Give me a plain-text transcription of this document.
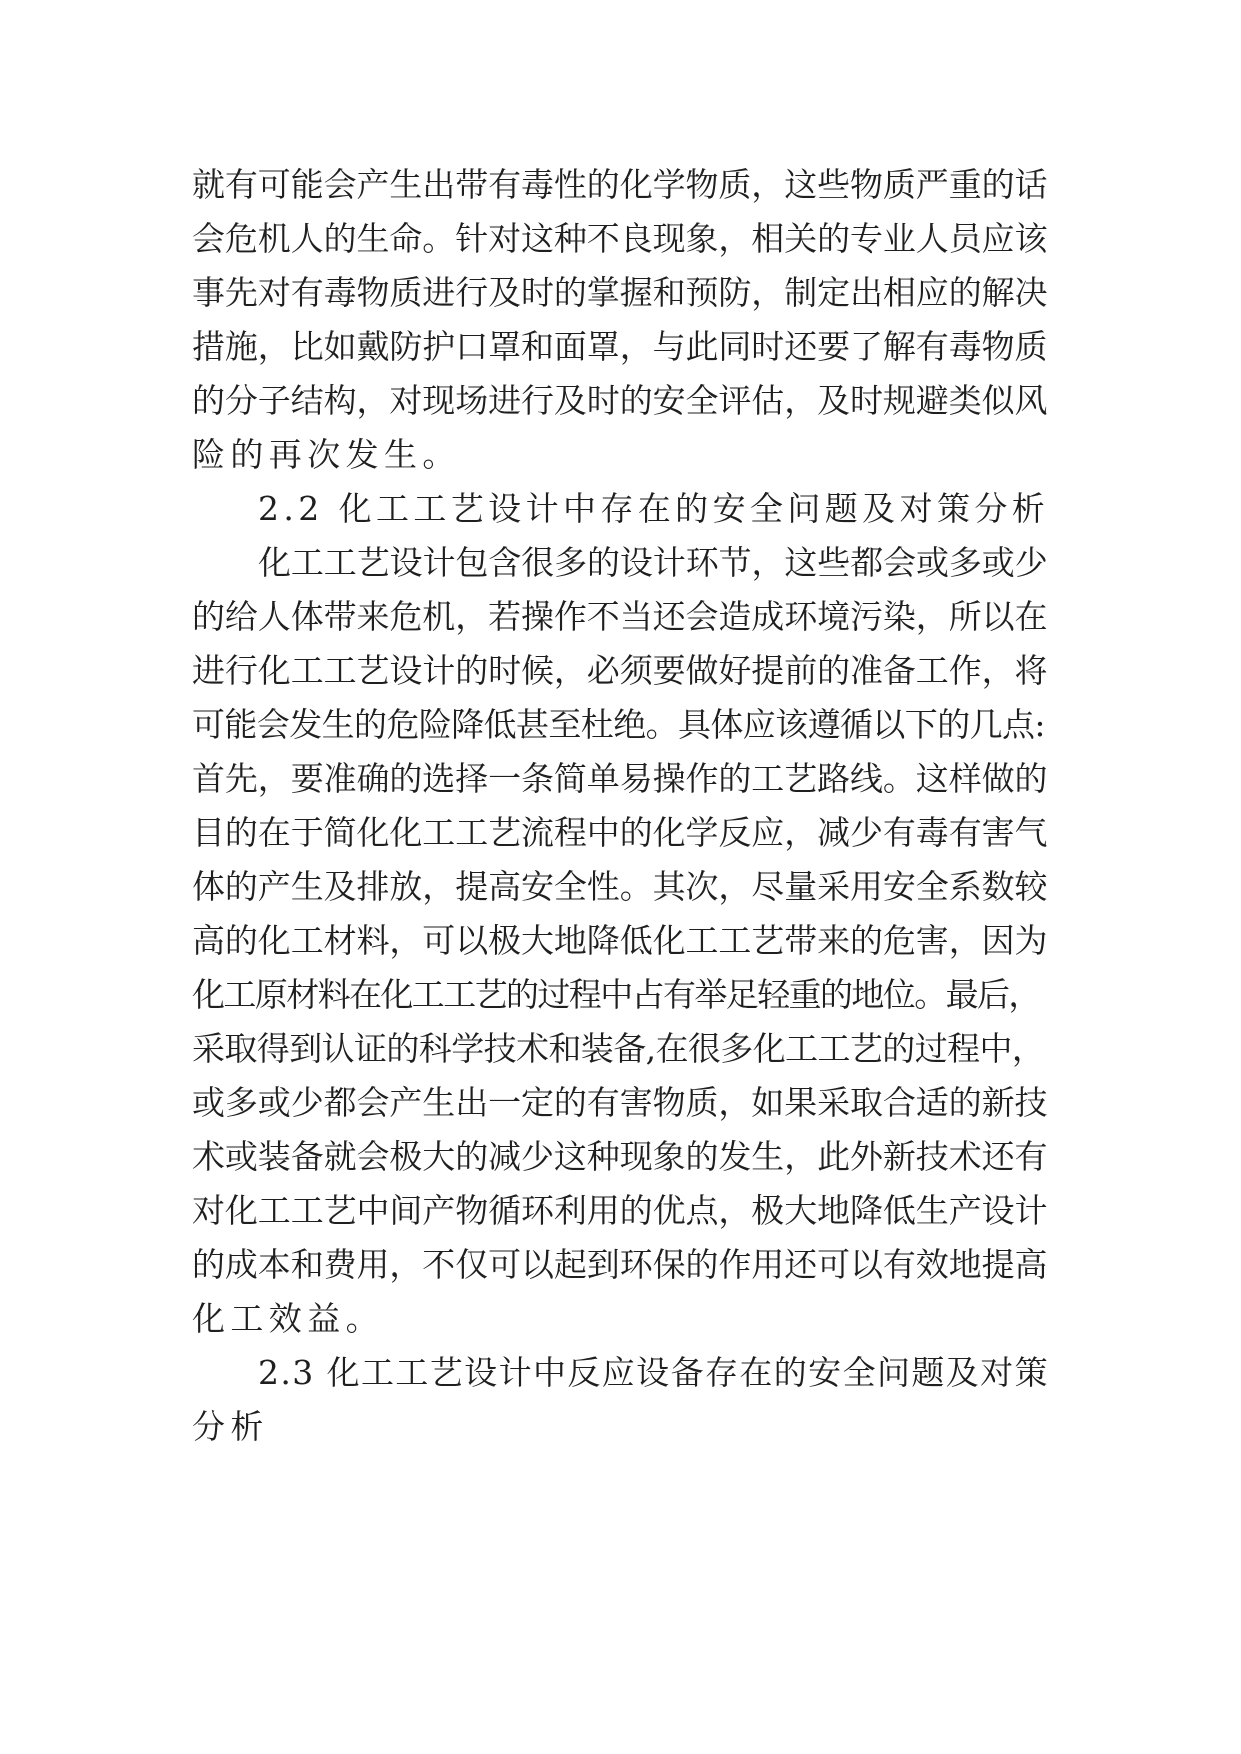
就有可能会产生出带有毒性的化学物质，这些物质严重的话
会危机人的生命。针对这种不良现象，相关的专业人员应该
事先对有毒物质进行及时的掌握和预防，制定出相应的解决
措施，比如戴防护口罩和面罩，与此同时还要了解有毒物质
的分子结构，对现场进行及时的安全评估，及时规避类似风
险的再次发生。
2.2 化工工艺设计中存在的安全问题及对策分析
化工工艺设计包含很多的设计环节，这些都会或多或少
的给人体带来危机，若操作不当还会造成环境污染，所以在
进行化工工艺设计的时候，必须要做好提前的准备工作，将
可能会发生的危险降低甚至杜绝。具体应该遵循以下的几点:
首先，要准确的选择一条简单易操作的工艺路线。这样做的
目的在于简化化工工艺流程中的化学反应，减少有毒有害气
体的产生及排放，提高安全性。其次，尽量采用安全系数较
高的化工材料，可以极大地降低化工工艺带来的危害，因为
化工原材料在化工工艺的过程中占有举足轻重的地位。最后，
采取得到认证的科学技术和装备,在很多化工工艺的过程中，
或多或少都会产生出一定的有害物质，如果采取合适的新技
术或装备就会极大的减少这种现象的发生，此外新技术还有
对化工工艺中间产物循环利用的优点，极大地降低生产设计
的成本和费用，不仅可以起到环保的作用还可以有效地提高
化工效益。
2.3 化工工艺设计中反应设备存在的安全问题及对策
分析
